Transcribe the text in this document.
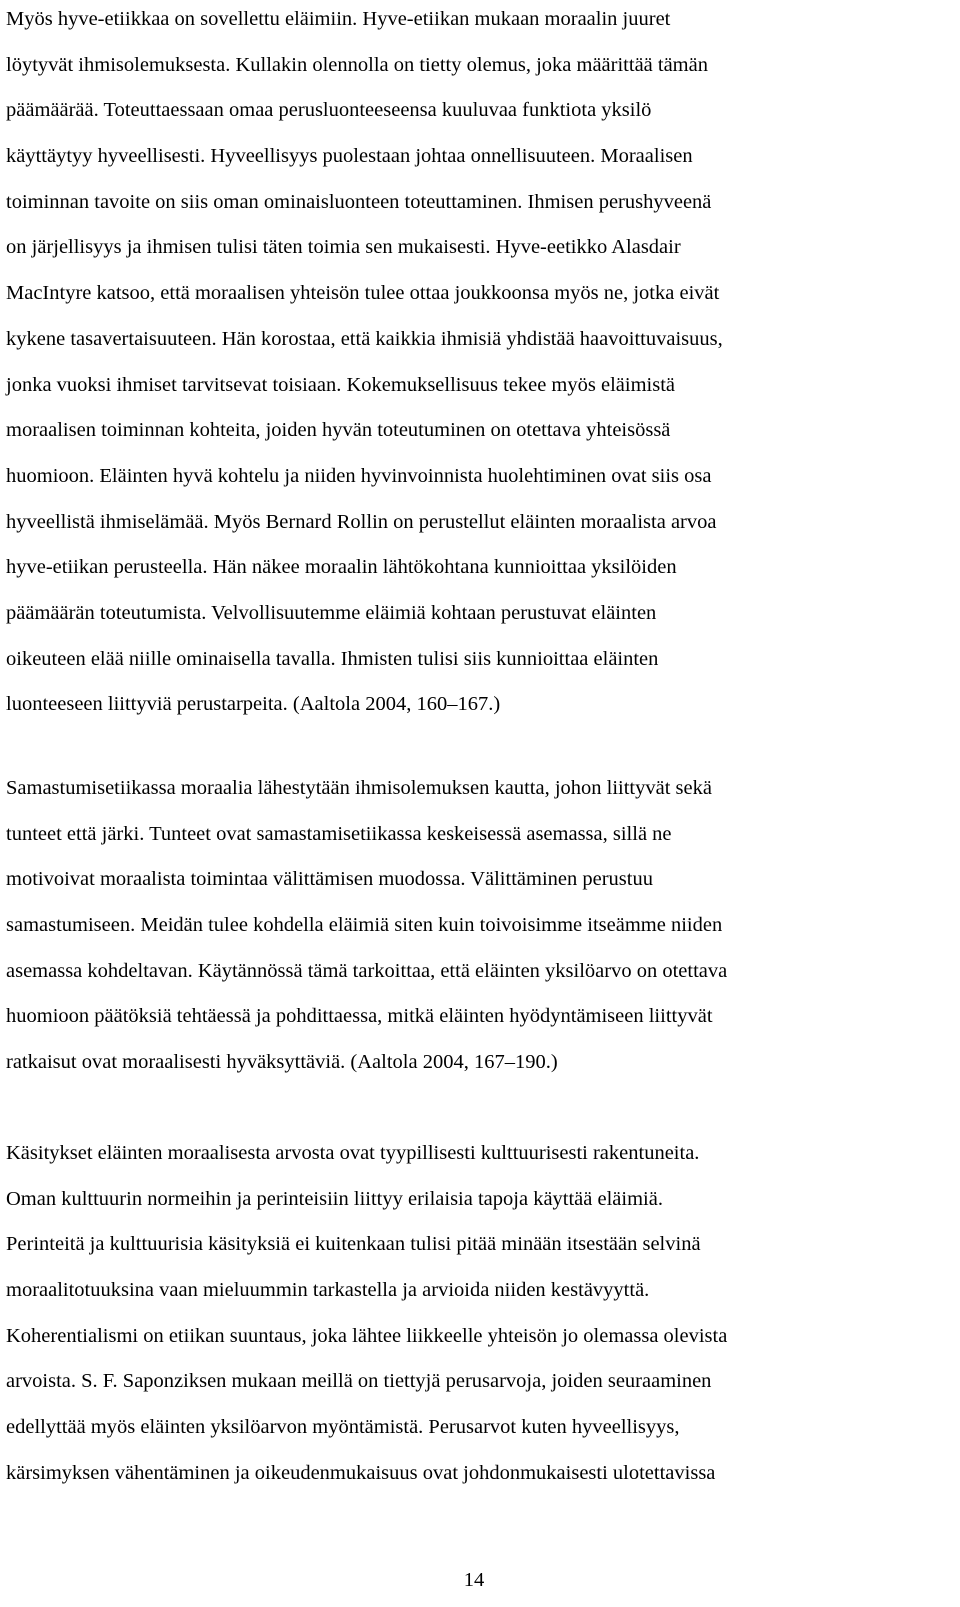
Myös hyve-etiikkaa on sovellettu eläimiin. Hyve-etiikan mukaan moraalin juuret
löytyvät ihmisolemuksesta. Kullakin olennolla on tietty olemus, joka määrittää tämän
päämäärää. Toteuttaessaan omaa perusluonteeseensa kuuluvaa funktiota yksilö
käyttäytyy hyveellisesti. Hyveellisyys puolestaan johtaa onnellisuuteen. Moraalisen
toiminnan tavoite on siis oman ominaisluonteen toteuttaminen. Ihmisen perushyveenä
on järjellisyys ja ihmisen tulisi täten toimia sen mukaisesti. Hyve-eetikko Alasdair
MacIntyre katsoo, että moraalisen yhteisön tulee ottaa joukkoonsa myös ne, jotka eivät
kykene tasavertaisuuteen. Hän korostaa, että kaikkia ihmisiä yhdistää haavoittuvaisuus,
jonka vuoksi ihmiset tarvitsevat toisiaan. Kokemuksellisuus tekee myös eläimistä
moraalisen toiminnan kohteita, joiden hyvän toteutuminen on otettava yhteisössä
huomioon. Eläinten hyvä kohtelu ja niiden hyvinvoinnista huolehtiminen ovat siis osa
hyveellistä ihmiselämää. Myös Bernard Rollin on perustellut eläinten moraalista arvoa
hyve-etiikan perusteella. Hän näkee moraalin lähtökohtana kunnioittaa yksilöiden
päämäärän toteutumista. Velvollisuutemme eläimiä kohtaan perustuvat eläinten
oikeuteen elää niille ominaisella tavalla. Ihmisten tulisi siis kunnioittaa eläinten
luonteeseen liittyviä perustarpeita. (Aaltola 2004, 160–167.)
Samastumisetiikassa moraalia lähestytään ihmisolemuksen kautta, johon liittyvät sekä
tunteet että järki. Tunteet ovat samastamisetiikassa keskeisessä asemassa, sillä ne
motivoivat moraalista toimintaa välittämisen muodossa. Välittäminen perustuu
samastumiseen. Meidän tulee kohdella eläimiä siten kuin toivoisimme itseämme niiden
asemassa kohdeltavan. Käytännössä tämä tarkoittaa, että eläinten yksilöarvo on otettava
huomioon päätöksiä tehtäessä ja pohdittaessa, mitkä eläinten hyödyntämiseen liittyvät
ratkaisut ovat moraalisesti hyväksyttäviä. (Aaltola 2004, 167–190.)
Käsitykset eläinten moraalisesta arvosta ovat tyypillisesti kulttuurisesti rakentuneita.
Oman kulttuurin normeihin ja perinteisiin liittyy erilaisia tapoja käyttää eläimiä.
Perinteitä ja kulttuurisia käsityksiä ei kuitenkaan tulisi pitää minään itsestään selvinä
moraalitotuuksina vaan mieluummin tarkastella ja arvioida niiden kestävyyttä.
Koherentialismi on etiikan suuntaus, joka lähtee liikkeelle yhteisön jo olemassa olevista
arvoista. S. F. Saponziksen mukaan meillä on tiettyjä perusarvoja, joiden seuraaminen
edellyttää myös eläinten yksilöarvon myöntämistä. Perusarvot kuten hyveellisyys,
kärsimyksen vähentäminen ja oikeudenmukaisuus ovat johdonmukaisesti ulotettavissa
14
